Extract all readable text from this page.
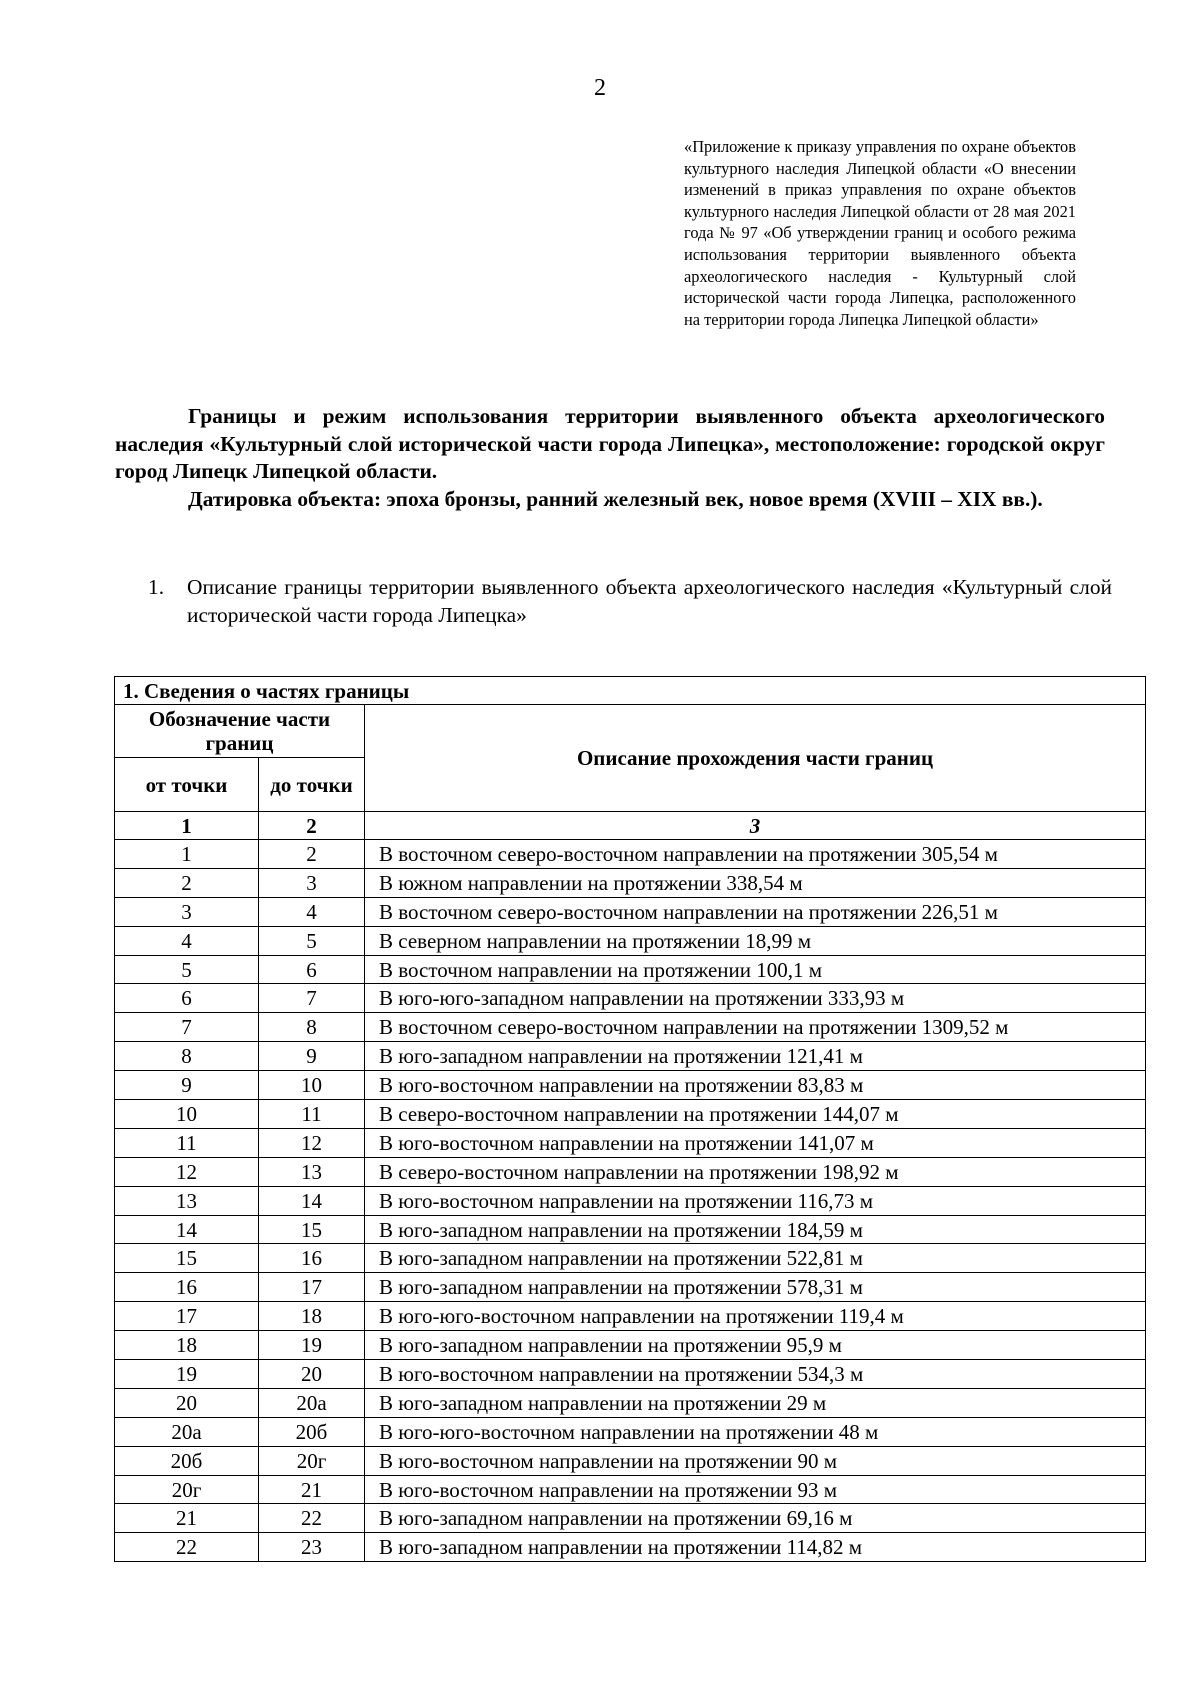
2
«Приложение к приказу управления по охране объектов культурного наследия Липецкой области «О внесении изменений в приказ управления по охране объектов культурного наследия Липецкой области от 28 мая 2021 года № 97 «Об утверждении границ и особого режима использования территории выявленного объекта археологического наследия - Культурный слой исторической части города Липецка, расположенного на территории города Липецка Липецкой области»

Границы и режим использования территории выявленного объекта археологического наследия «Культурный слой исторической части города Липецка», местоположение: городской округ город Липецк Липецкой области.

Датировка объекта: эпоха бронзы, ранний железный век, новое время (XVIII – XIX вв.).

1. Описание границы территории выявленного объекта археологического наследия «Культурный слой исторической части города Липецка»
1. Сведения о частях границы		
Обозначение части границ		Описание прохождения части границ
от точки	до точки	
1	2	3
1	2	В восточном северо-восточном направлении на протяжении 305,54 м
2	3	В южном направлении на протяжении 338,54 м
3	4	В восточном северо-восточном направлении на протяжении 226,51 м
4	5	В северном направлении на протяжении 18,99 м
5	6	В восточном направлении на протяжении 100,1 м
6	7	В юго-юго-западном направлении на протяжении 333,93 м
7	8	В восточном северо-восточном направлении на протяжении 1309,52 м
8	9	В юго-западном направлении на протяжении 121,41 м
9	10	В юго-восточном направлении на протяжении 83,83 м
10	11	В северо-восточном направлении на протяжении 144,07 м
11	12	В юго-восточном направлении на протяжении 141,07 м
12	13	В северо-восточном направлении на протяжении 198,92 м
13	14	В юго-восточном направлении на протяжении 116,73 м
14	15	В юго-западном направлении на протяжении 184,59 м
15	16	В юго-западном направлении на протяжении 522,81 м
16	17	В юго-западном направлении на протяжении 578,31 м
17	18	В юго-юго-восточном направлении на протяжении 119,4 м
18	19	В юго-западном направлении на протяжении 95,9 м
19	20	В юго-восточном направлении на протяжении 534,3 м
20	20а	В юго-западном направлении на протяжении 29 м
20а	20б	В юго-юго-восточном направлении на протяжении 48 м
20б	20г	В юго-восточном направлении на протяжении 90 м
20г	21	В юго-восточном направлении на протяжении 93 м
21	22	В юго-западном направлении на протяжении 69,16 м
22	23	В юго-западном направлении на протяжении 114,82 м
